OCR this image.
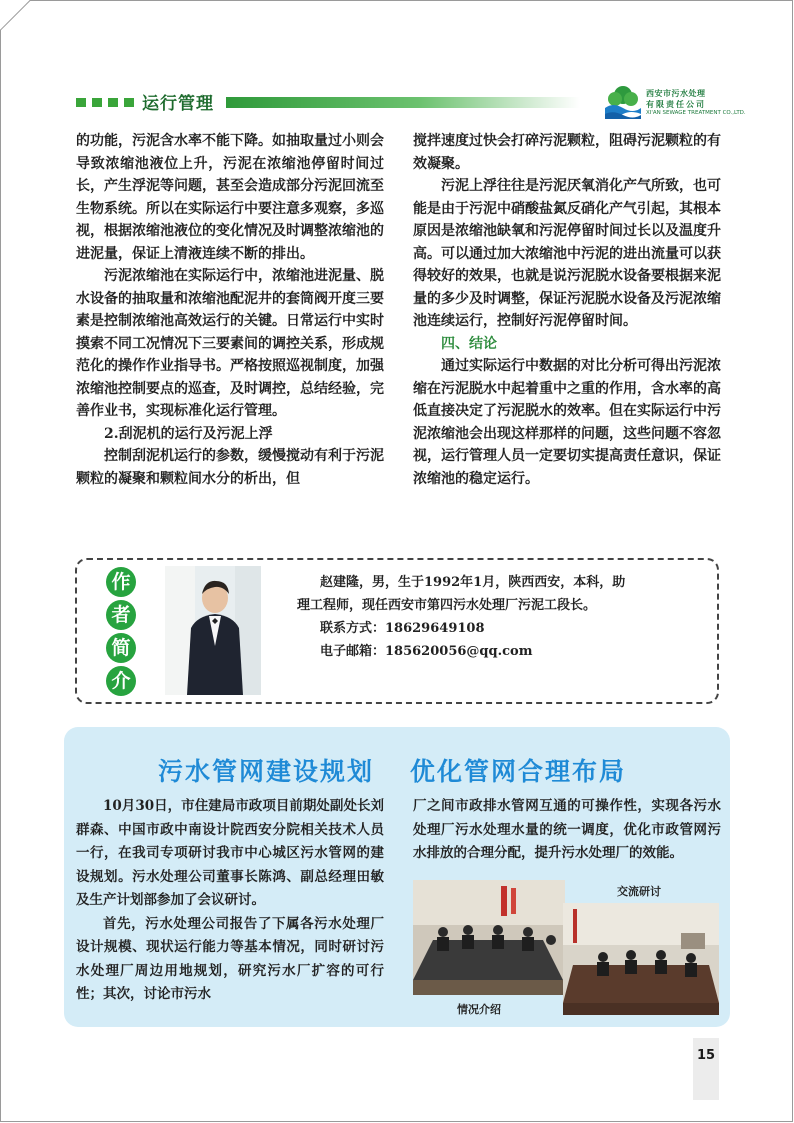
运行管理
西安市污水处理
有限责任公司
XI'AN SEWAGE TREATMENT CO.,LTD.

的功能，污泥含水率不能下降。如抽取量过小则会导致浓缩池液位上升，污泥在浓缩池停留时间过长，产生浮泥等问题，甚至会造成部分污泥回流至生物系统。所以在实际运行中要注意多观察，多巡视，根据浓缩池液位的变化情况及时调整浓缩池的进泥量，保证上清液连续不断的排出。

污泥浓缩池在实际运行中，浓缩池进泥量、脱水设备的抽取量和浓缩池配泥井的套筒阀开度三要素是控制浓缩池高效运行的关键。日常运行中实时摸索不同工况情况下三要素间的调控关系，形成规范化的操作作业指导书。严格按照巡视制度，加强浓缩池控制要点的巡查，及时调控，总结经验，完善作业书，实现标准化运行管理。

2.刮泥机的运行及污泥上浮

控制刮泥机运行的参数，缓慢搅动有利于污泥颗粒的凝聚和颗粒间水分的析出，但

搅拌速度过快会打碎污泥颗粒，阻碍污泥颗粒的有效凝聚。

污泥上浮往往是污泥厌氧消化产气所致，也可能是由于污泥中硝酸盐氮反硝化产气引起，其根本原因是浓缩池缺氧和污泥停留时间过长以及温度升高。可以通过加大浓缩池中污泥的进出流量可以获得较好的效果，也就是说污泥脱水设备要根据来泥量的多少及时调整，保证污泥脱水设备及污泥浓缩池连续运行，控制好污泥停留时间。

四、结论

通过实际运行中数据的对比分析可得出污泥浓缩在污泥脱水中起着重中之重的作用，含水率的高低直接决定了污泥脱水的效率。但在实际运行中污泥浓缩池会出现这样那样的问题，这些问题不容忽视，运行管理人员一定要切实提高责任意识，保证浓缩池的稳定运行。

作
者
简
介
赵建隆，男，生于1992年1月，陕西西安，本科，助
理工程师，现任西安市第四污水处理厂污泥工段长。
联系方式：18629649108
电子邮箱：185620056@qq.com
污水管网建设规划 优化管网合理布局

10月30日，市住建局市政项目前期处副处长刘群森、中国市政中南设计院西安分院相关技术人员一行，在我司专项研讨我市中心城区污水管网的建设规划。污水处理公司董事长陈鸿、副总经理田敏及生产计划部参加了会议研讨。

首先，污水处理公司报告了下属各污水处理厂设计规模、现状运行能力等基本情况，同时研讨污水处理厂周边用地规划，研究污水厂扩容的可行性；其次，讨论市污水

厂之间市政排水管网互通的可操作性，实现各污水处理厂污水处理水量的统一调度，优化市政管网污水排放的合理分配，提升污水处理厂的效能。

交流研讨
情况介绍
15
